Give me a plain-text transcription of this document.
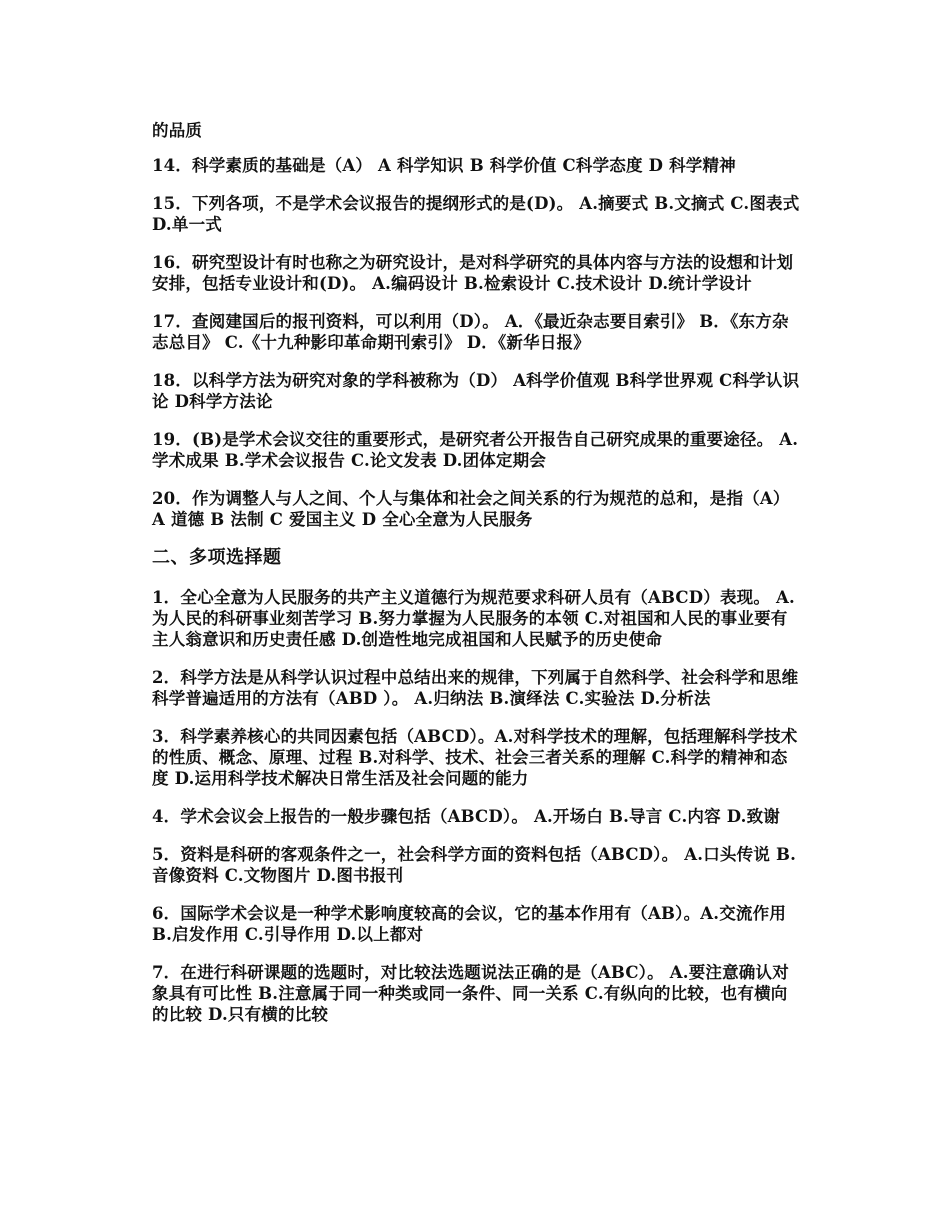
的品质

14．科学素质的基础是（A） A 科学知识 B 科学价值 C科学态度 D 科学精神

15．下列各项，不是学术会议报告的提纲形式的是(D)。 A.摘要式 B.文摘式 C.图表式 D.单一式

16．研究型设计有时也称之为研究设计，是对科学研究的具体内容与方法的设想和计划安排，包括专业设计和(D)。 A.编码设计 B.检索设计 C.技术设计 D.统计学设计

17．查阅建国后的报刊资料，可以利用（D）。 A．《最近杂志要目索引》 B．《东方杂志总目》 C.《十九种影印革命期刊索引》 D．《新华日报》

18．以科学方法为研究对象的学科被称为（D） A科学价值观 B科学世界观 C科学认识论 D科学方法论

19．(B)是学术会议交往的重要形式，是研究者公开报告自己研究成果的重要途径。 A.学术成果 B.学术会议报告 C.论文发表 D.团体定期会

20．作为调整人与人之间、个人与集体和社会之间关系的行为规范的总和，是指（A）A 道德 B 法制 C 爱国主义 D 全心全意为人民服务

二、多项选择题

1．全心全意为人民服务的共产主义道德行为规范要求科研人员有（ABCD）表现。 A.为人民的科研事业刻苦学习 B.努力掌握为人民服务的本领 C.对祖国和人民的事业要有主人翁意识和历史责任感 D.创造性地完成祖国和人民赋予的历史使命

2．科学方法是从科学认识过程中总结出来的规律，下列属于自然科学、社会科学和思维科学普遍适用的方法有（ABD ）。 A.归纳法 B.演绎法 C.实验法 D.分析法

3．科学素养核心的共同因素包括（ABCD）。A.对科学技术的理解，包括理解科学技术的性质、概念、原理、过程 B.对科学、技术、社会三者关系的理解 C.科学的精神和态度 D.运用科学技术解决日常生活及社会问题的能力

4．学术会议会上报告的一般步骤包括（ABCD）。 A.开场白 B.导言 C.内容 D.致谢

5．资料是科研的客观条件之一，社会科学方面的资料包括（ABCD）。 A.口头传说 B.音像资料 C.文物图片 D.图书报刊

6．国际学术会议是一种学术影响度较高的会议，它的基本作用有（AB）。A.交流作用 B.启发作用 C.引导作用 D.以上都对

7．在进行科研课题的选题时，对比较法选题说法正确的是（ABC）。 A.要注意确认对象具有可比性 B.注意属于同一种类或同一条件、同一关系 C.有纵向的比较，也有横向的比较 D.只有横的比较
